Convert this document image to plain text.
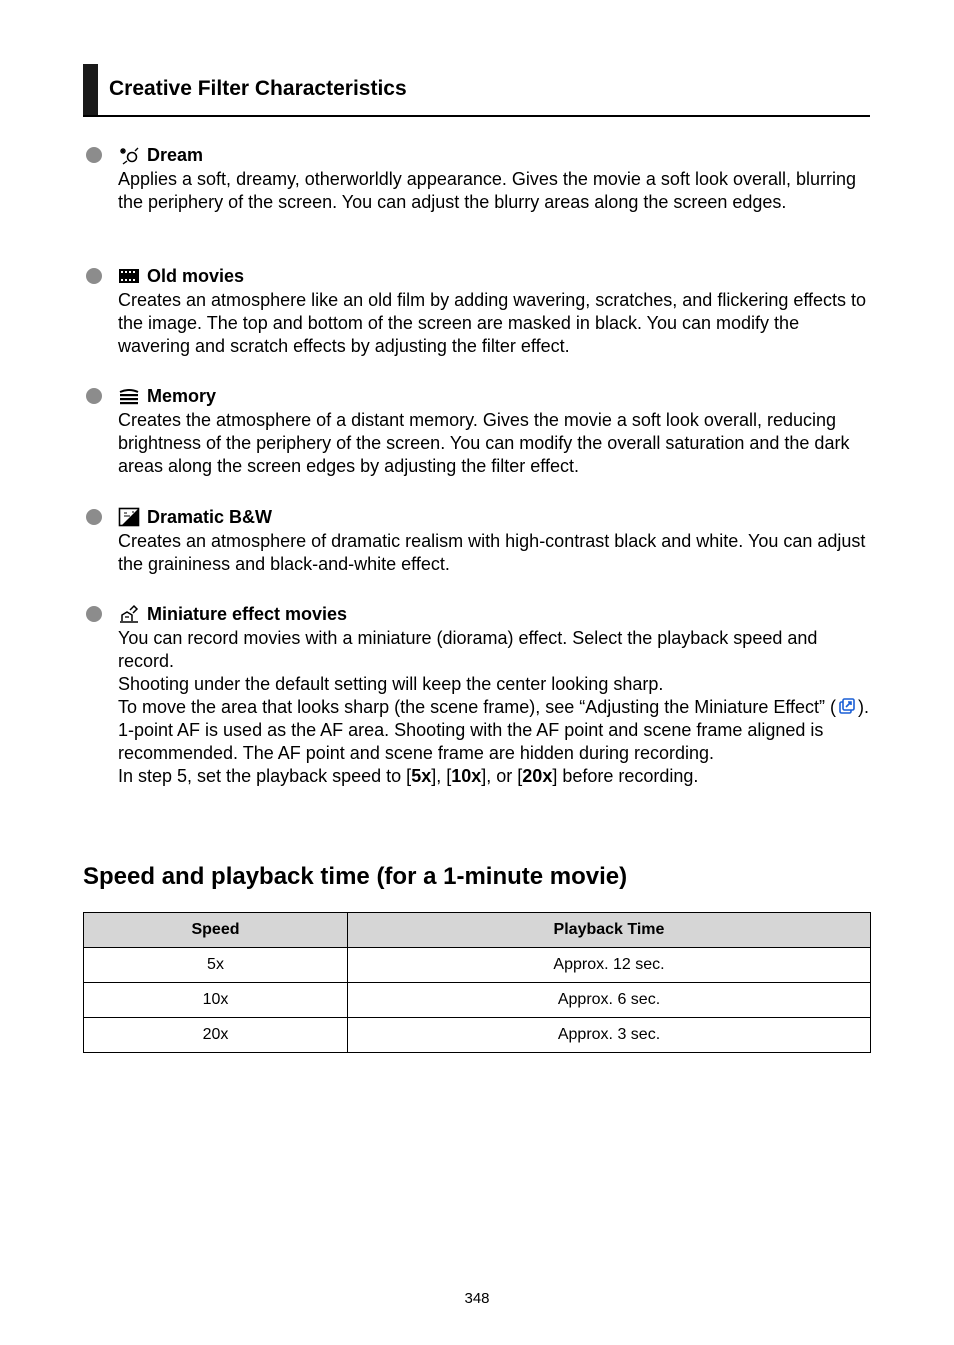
Creative Filter Characteristics
Dream

Applies a soft, dreamy, otherworldly appearance. Gives the movie a soft look overall, blurring the periphery of the screen. You can adjust the blurry areas along the screen edges.

Old movies

Creates an atmosphere like an old film by adding wavering, scratches, and flickering effects to the image. The top and bottom of the screen are masked in black. You can modify the wavering and scratch effects by adjusting the filter effect.

Memory

Creates the atmosphere of a distant memory. Gives the movie a soft look overall, reducing brightness of the periphery of the screen. You can modify the overall saturation and the dark areas along the screen edges by adjusting the filter effect.

Dramatic B&W

Creates an atmosphere of dramatic realism with high-contrast black and white. You can adjust the graininess and black-and-white effect.

Miniature effect movies

You can record movies with a miniature (diorama) effect. Select the playback speed and record.

Shooting under the default setting will keep the center looking sharp.

To move the area that looks sharp (the scene frame), see “Adjusting the Miniature Effect” ( ). 1-point AF is used as the AF area. Shooting with the AF point and scene frame aligned is recommended. The AF point and scene frame are hidden during recording.

In step 5, set the playback speed to [5x], [10x], or [20x] before recording.

Speed and playback time (for a 1-minute movie)
Speed	Playback Time
5x	Approx. 12 sec.
10x	Approx. 6 sec.
20x	Approx. 3 sec.
348
